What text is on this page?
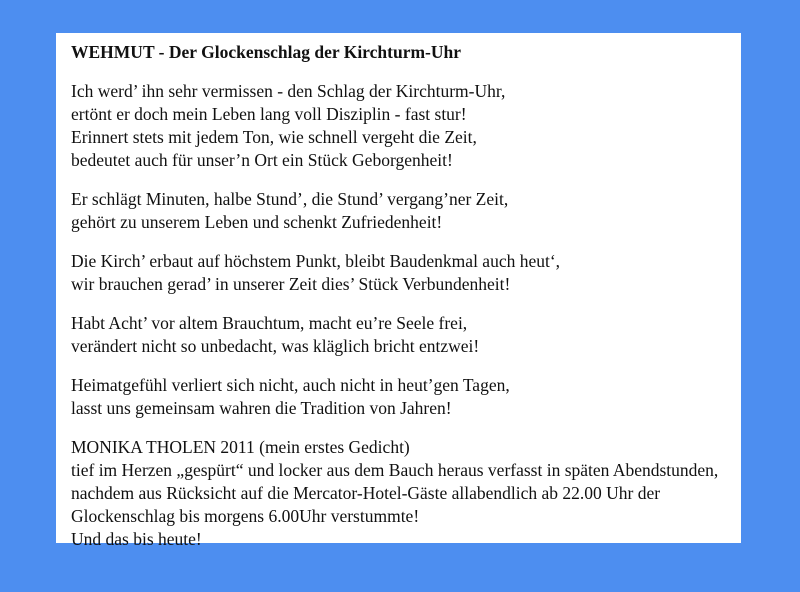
WEHMUT - Der Glockenschlag der Kirchturm-Uhr
Ich werd’ ihn sehr vermissen - den Schlag der Kirchturm-Uhr,
ertönt er doch mein Leben lang voll Disziplin - fast stur!
Erinnert stets mit jedem Ton, wie schnell vergeht die Zeit,
bedeutet auch für unser’n Ort ein Stück Geborgenheit!
Er schlägt Minuten, halbe Stund’, die Stund’ vergang’ner Zeit,
gehört zu unserem Leben und schenkt Zufriedenheit!
Die Kirch’ erbaut auf höchstem Punkt, bleibt Baudenkmal auch heut‘,
wir brauchen gerad’ in unserer Zeit dies’ Stück Verbundenheit!
Habt Acht’ vor altem Brauchtum, macht eu’re Seele frei,
verändert nicht so unbedacht, was kläglich bricht entzwei!
Heimatgefühl verliert sich nicht, auch nicht in heut’gen Tagen,
lasst uns gemeinsam wahren die Tradition von Jahren!
MONIKA THOLEN 2011 (mein erstes Gedicht)
tief im Herzen „gespürt“ und locker aus dem Bauch heraus verfasst in späten Abendstunden,
nachdem aus Rücksicht auf die Mercator-Hotel-Gäste allabendlich ab 22.00 Uhr der
Glockenschlag bis morgens 6.00Uhr verstummte!
Und das bis heute!
